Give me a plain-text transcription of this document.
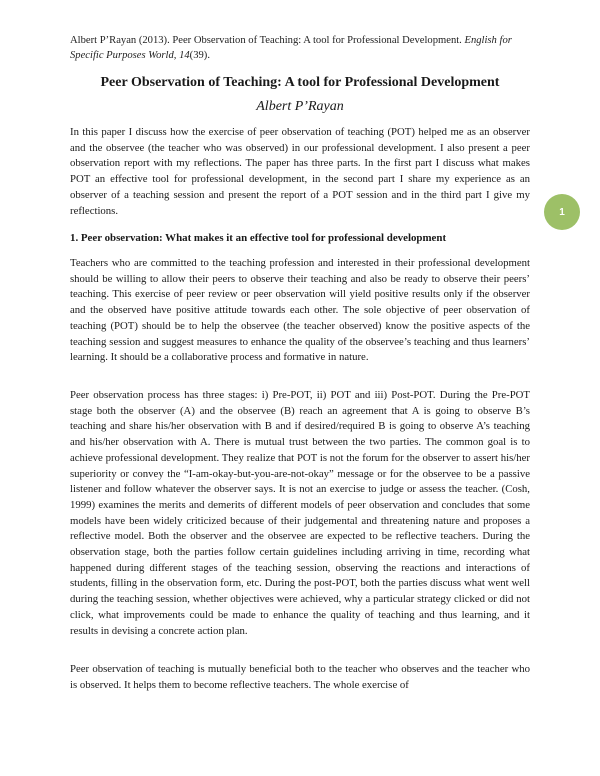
Albert P’Rayan (2013). Peer Observation of Teaching: A tool for Professional Development. English for Specific Purposes World, 14(39).
Peer Observation of Teaching: A tool for Professional Development
Albert P’Rayan

In this paper I discuss how the exercise of peer observation of teaching (POT) helped me as an observer and the observee (the teacher who was observed) in our professional development. I also present a peer observation report with my reflections. The paper has three parts. In the first part I discuss what makes POT an effective tool for professional development, in the second part I share my experience as an observer of a teaching session and present the report of a POT session and in the third part I give my reflections.

1. Peer observation: What makes it an effective tool for professional development

Teachers who are committed to the teaching profession and interested in their professional development should be willing to allow their peers to observe their teaching and also be ready to observe their peers’ teaching. This exercise of peer review or peer observation will yield positive results only if the observer and the observed have positive attitude towards each other. The sole objective of peer observation of teaching (POT) should be to help the observee (the teacher observed) know the positive aspects of the teaching session and suggest measures to enhance the quality of the observee’s teaching and thus learners’ learning. It should be a collaborative process and formative in nature.

Peer observation process has three stages: i) Pre-POT, ii) POT and iii) Post-POT. During the Pre-POT stage both the observer (A) and the observee (B) reach an agreement that A is going to observe B’s teaching and share his/her observation with B and if desired/required B is going to observe A’s teaching and his/her observation with A. There is mutual trust between the two parties. The common goal is to achieve professional development. They realize that POT is not the forum for the observer to assert his/her superiority or convey the “I-am-okay-but-you-are-not-okay” message or for the observee to be a passive listener and follow whatever the observer says. It is not an exercise to judge or assess the teacher. (Cosh, 1999) examines the merits and demerits of different models of peer observation and concludes that some models have been widely criticized because of their judgemental and threatening nature and proposes a reflective model. Both the observer and the observee are expected to be reflective teachers. During the observation stage, both the parties follow certain guidelines including arriving in time, recording what happened during different stages of the teaching session, observing the reactions and interactions of students, filling in the observation form, etc. During the post-POT, both the parties discuss what went well during the teaching session, whether objectives were achieved, why a particular strategy clicked or did not click, what improvements could be made to enhance the quality of teaching and thus learning, and it results in devising a concrete action plan.

Peer observation of teaching is mutually beneficial both to the teacher who observes and the teacher who is observed. It helps them to become reflective teachers. The whole exercise of

1
